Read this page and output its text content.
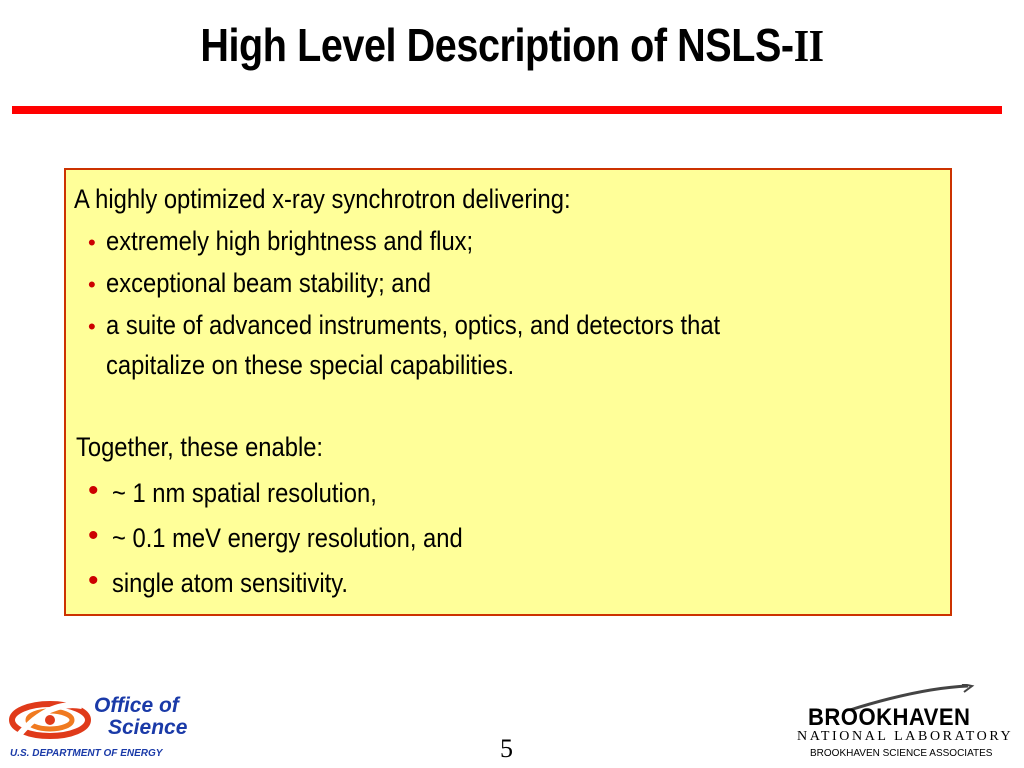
High Level Description of NSLS-II
A highly optimized x-ray synchrotron delivering:
• extremely high brightness and flux;
• exceptional beam stability; and
• a suite of advanced instruments, optics, and detectors that
capitalize on these special capabilities.
Together, these enable:
• ~ 1 nm spatial resolution,
• ~ 0.1 meV energy resolution, and
• single atom sensitivity.
Office of
Science
U.S. DEPARTMENT OF ENERGY	5
BROOKHAVEN
NATIONAL LABORATORY
BROOKHAVEN SCIENCE ASSOCIATES
